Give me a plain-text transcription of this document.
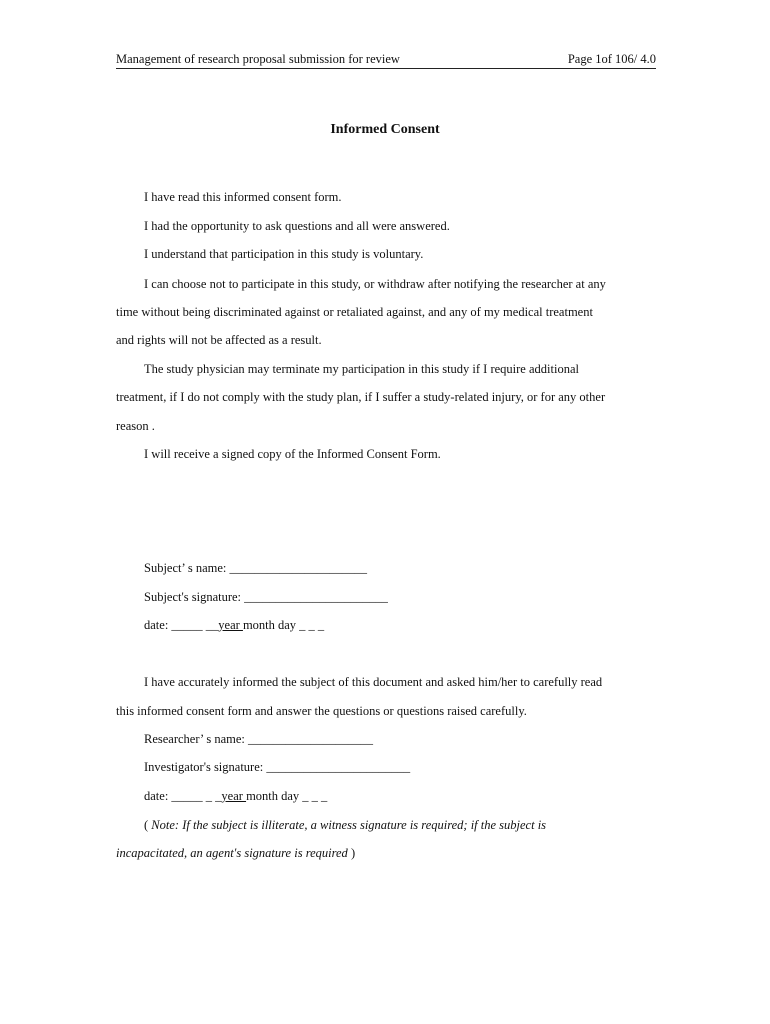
Management of research proposal submission for review	Page 1of 106/ 4.0
Informed Consent
I have read this informed consent form.
I had the opportunity to ask questions and all were answered.
I understand that participation in this study is voluntary.
I can choose not to participate in this study, or withdraw after notifying the researcher at any
time without being discriminated against or retaliated against, and any of my medical treatment
and rights will not be affected as a result.
The study physician may terminate my participation in this study if I require additional
treatment, if I do not comply with the study plan, if I suffer a study-related injury, or for any other
reason .
I will receive a signed copy of the Informed Consent Form.
Subject’ s name: ______________________
Subject's signature: _______________________
date: _____ __year month day _ _ _
I have accurately informed the subject of this document and asked him/her to carefully read
this informed consent form and answer the questions or questions raised carefully.
Researcher’ s name: ____________________
Investigator's signature: _______________________
date: _____ _ _year month day _ _ _
( Note: If the subject is illiterate, a witness signature is required; if the subject is
incapacitated, an agent's signature is required )
